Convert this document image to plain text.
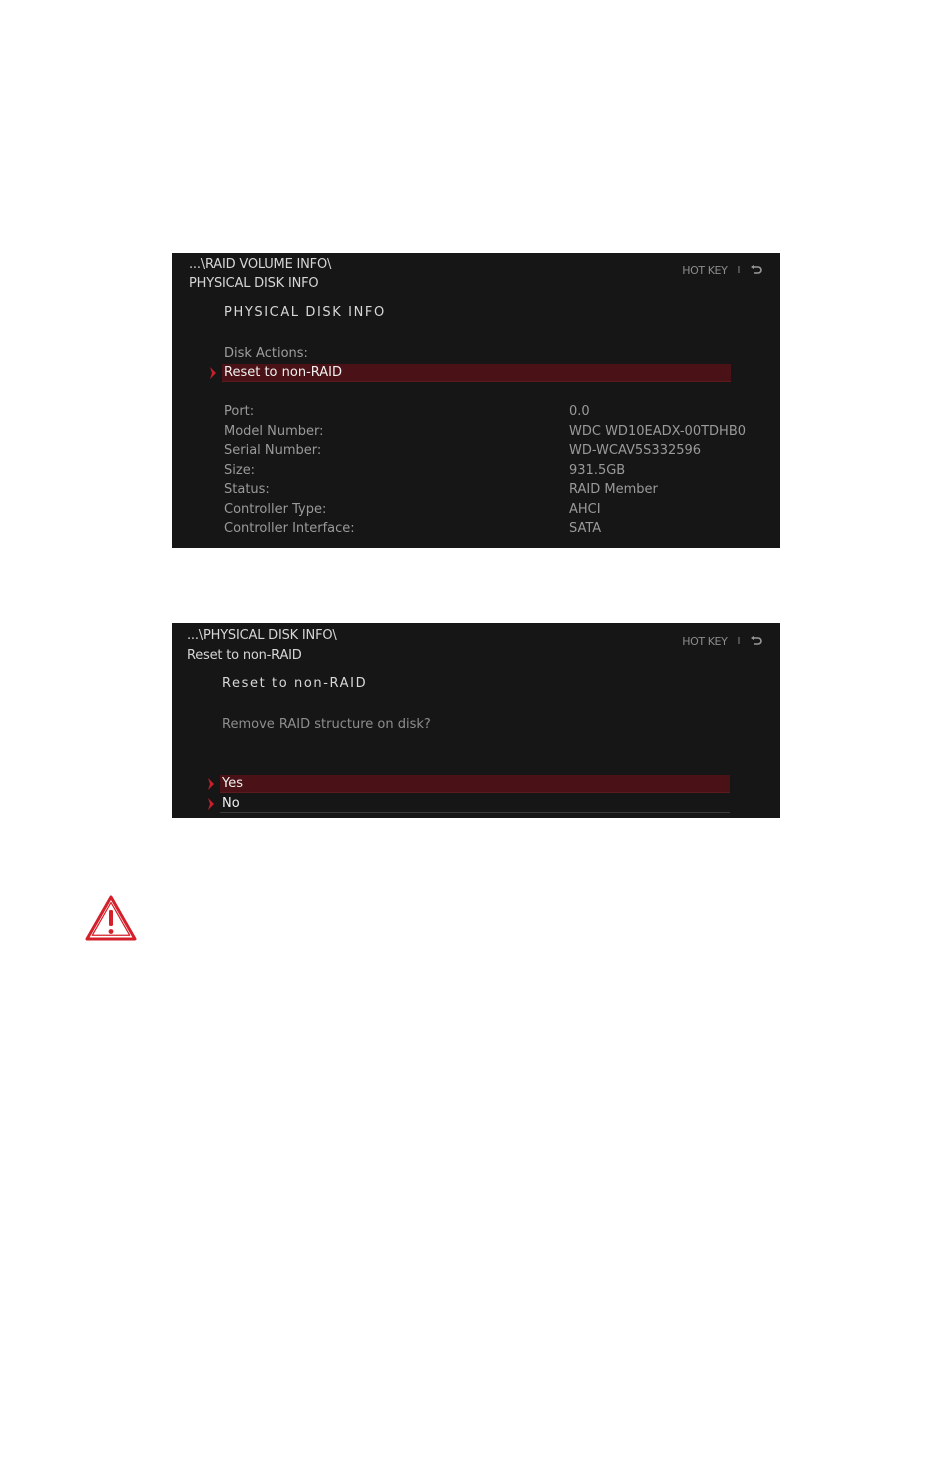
...\RAID VOLUME INFO\
PHYSICAL DISK INFO
HOT KEY I
PHYSICAL DISK INFO
Disk Actions:
Reset to non-RAID
Port:	0.0
Model Number:	WDC WD10EADX-00TDHB0
Serial Number:	WD-WCAV5S332596
Size:	931.5GB
Status:	RAID Member
Controller Type:	AHCI
Controller Interface:	SATA
...\PHYSICAL DISK INFO\
Reset to non-RAID
HOT KEY I
Reset to non-RAID
Remove RAID structure on disk?
Yes
No
